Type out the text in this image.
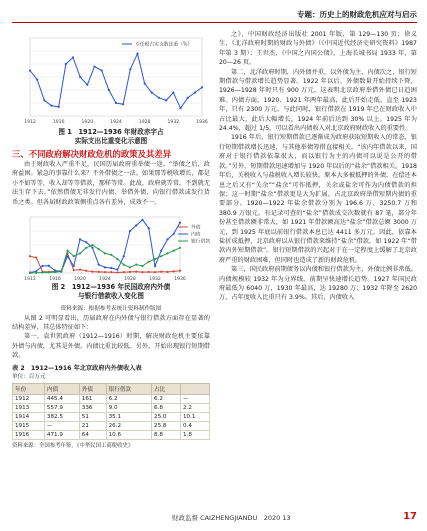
专题：历史上的财政危机应对与启示
1912	1916	1920	1924	1928	1932	1936
专任税占实支数比重（%）
图 1　1912—1936 年财政赤字占
实际支出比重变化示意图
三、不同政府解决财政危机的政策及其差异

由于财政收入严重不足，民国历届政府重举债一途。“举债之后，政府益困。紧急的事靠什么来？不外借债之一法。如果那等税收增长，都是小不如等等，收入却等等借款，那样等常。此故，政府就等常，不到就无法生存下去。”依然借债无非发行内债、举借外债、向银行借款或发行货币之类。但各届财政政策侧重点各有差异，成效不一。

1912	1916	1920	1924	1928	1932	1936
外债
内债
银行借款
图 2　1912—1936 年民国政府内外债
与银行借款收入变化图
资料来源：根据参考表统计资料制作版图

从图 2 可明显看出，历届政府在内外债与银行借款方面存在显著的结构差异，其总体特征如下：

第一，袁世凯政府（1912—1916）时期，解决财政危机主要依靠外债与内债，尤其是外债。内债比重比较低。另外，开始出现银行短期借款。

表 2　1912—1916 年北京政府内外债收入表
单位：百万元
年份	内债	外债	银行借款	占比	
1912	445.4	161	6.2	6.2	—
1913	557.9	336	9.0	6.8	2.2
1914	382.5	51	35.1	25.0	10.1
1915	—	21	26.2	25.8	0.4
1916	471.9	64	10.6	8.8	1.8
资料来源：全国参考年鉴，《中华民国工商税收史》

之》、中国财政经济出版社 2001 年版，第 129—130 页；徐义生，《北洋政府时期的财政与外债》（《中国近代经济史研究资料》1987 年第 3 期）；王世杰，《中国之内国公债》，上海长城书局 1933 年，第 20—26 页。

第二，北洋政府时期，内外债并重，以外债为主，内债次之，银行短期借款与借款增长趋势显著。1922 年以后，外债数量开始持续下降，1926—1928 年时只有 900 万元，这表明北京政府举借外债已日趋困难。内债方面，1920、1921 年两年最高，此后开始走低，直至 1923 年，只有 2300 万元。与此同时，银行借款在 1919 年已在财政收入中占比最大，此后大幅增长，1924 年前后达到 30% 以上。1925 年为 24.4%，超过 1/5，可以看出内债收入对北京政府财政收入的重要性。

1916 年后，银行短期借款已逐渐成为政府获取短期收入的常态，银行短期借款增长迅速，与其他举债筹措直接相关。“该内年借款以来，国府对于银行借款依靠很大，而以银行为主的内债可以说是公开的借款。”另外，短期借款迅速增加与 1920 年以后的“盐余”借款相关。1918 年后，关税收入与盐税收入增长较快，原本大多被抵押的外债，在偿还本息之后又有“关余”“盐余”可作抵押，关余或盐余可作为内债借款的担保；这一时期“盐余”借款更是大为扩展，占北京政府举借短期内债的重要部分。1920—1922 年盐余借款分别为 196.6 万、3250.7 万和 380.9 万银元。有记录可查的“盐余”借款成交次数就有 87 笔，部分年份甚至借款额非常大，如 1921 年借款额高达“盐余”借款总额 3000 万元，到 1925 年底以前银行借款本息已达 4411 多万元。因此，依靠本盐折成抵押，北京政府以从银行借款来维持“盐余”借款，如 1922 年“借款内外短期借款”。银行短期借款的兴起对于在一定程度上缓解了北京政府严重的财政困难，但同时也造成了新的财政危机。

第三，国民政府前期债务以内债和银行借款为主，外债比例非常低。内债规模较 1932 年为分界线，前期呈快速增长趋势。1927 年国民政府最低为 6040 万，1930 年最高，达 19280 万；1932 年降至 2620 万，占年度收入比重只有 3.9%。其后，内债收入

财政监督 CAIZHENGJIANDU　2020 13	17
